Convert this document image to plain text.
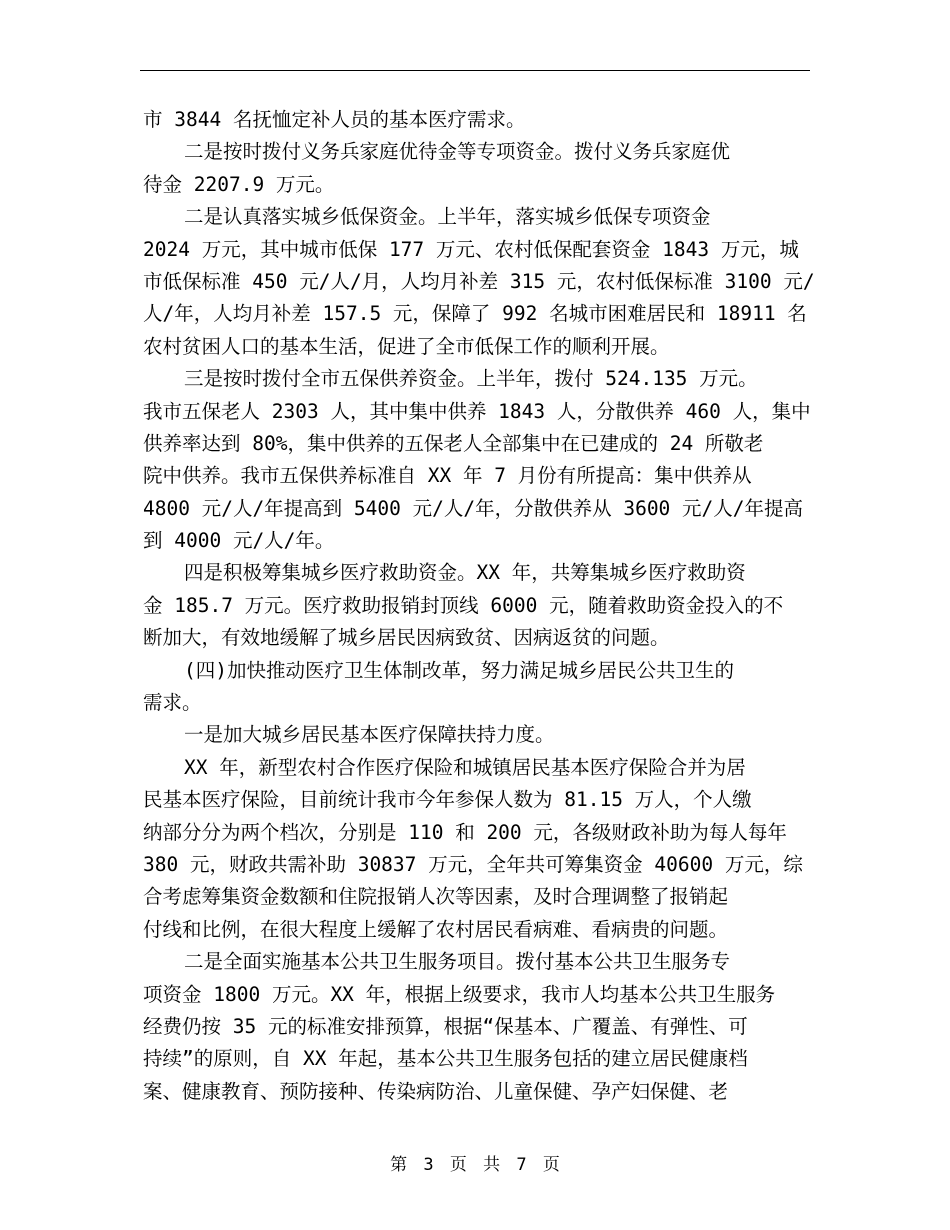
市 3844 名抚恤定补人员的基本医疗需求。
二是按时拨付义务兵家庭优待金等专项资金。拨付义务兵家庭优
待金 2207.9 万元。
二是认真落实城乡低保资金。上半年，落实城乡低保专项资金
2024 万元，其中城市低保 177 万元、农村低保配套资金 1843 万元，城
市低保标准 450 元/人/月，人均月补差 315 元，农村低保标准 3100 元/
人/年，人均月补差 157.5 元，保障了 992 名城市困难居民和 18911 名
农村贫困人口的基本生活，促进了全市低保工作的顺利开展。
三是按时拨付全市五保供养资金。上半年，拨付 524.135 万元。
我市五保老人 2303 人，其中集中供养 1843 人，分散供养 460 人，集中
供养率达到 80%，集中供养的五保老人全部集中在已建成的 24 所敬老
院中供养。我市五保供养标准自 XX 年 7 月份有所提高：集中供养从
4800 元/人/年提高到 5400 元/人/年，分散供养从 3600 元/人/年提高
到 4000 元/人/年。
四是积极筹集城乡医疗救助资金。XX 年，共筹集城乡医疗救助资
金 185.7 万元。医疗救助报销封顶线 6000 元，随着救助资金投入的不
断加大，有效地缓解了城乡居民因病致贫、因病返贫的问题。
(四)加快推动医疗卫生体制改革，努力满足城乡居民公共卫生的
需求。
一是加大城乡居民基本医疗保障扶持力度。
XX 年，新型农村合作医疗保险和城镇居民基本医疗保险合并为居
民基本医疗保险，目前统计我市今年参保人数为 81.15 万人，个人缴
纳部分分为两个档次，分别是 110 和 200 元，各级财政补助为每人每年
380 元，财政共需补助 30837 万元，全年共可筹集资金 40600 万元，综
合考虑筹集资金数额和住院报销人次等因素，及时合理调整了报销起
付线和比例，在很大程度上缓解了农村居民看病难、看病贵的问题。
二是全面实施基本公共卫生服务项目。拨付基本公共卫生服务专
项资金 1800 万元。XX 年，根据上级要求，我市人均基本公共卫生服务
经费仍按 35 元的标准安排预算，根据“保基本、广覆盖、有弹性、可
持续”的原则，自 XX 年起，基本公共卫生服务包括的建立居民健康档
案、健康教育、预防接种、传染病防治、儿童保健、孕产妇保健、老
第 3 页 共 7 页
